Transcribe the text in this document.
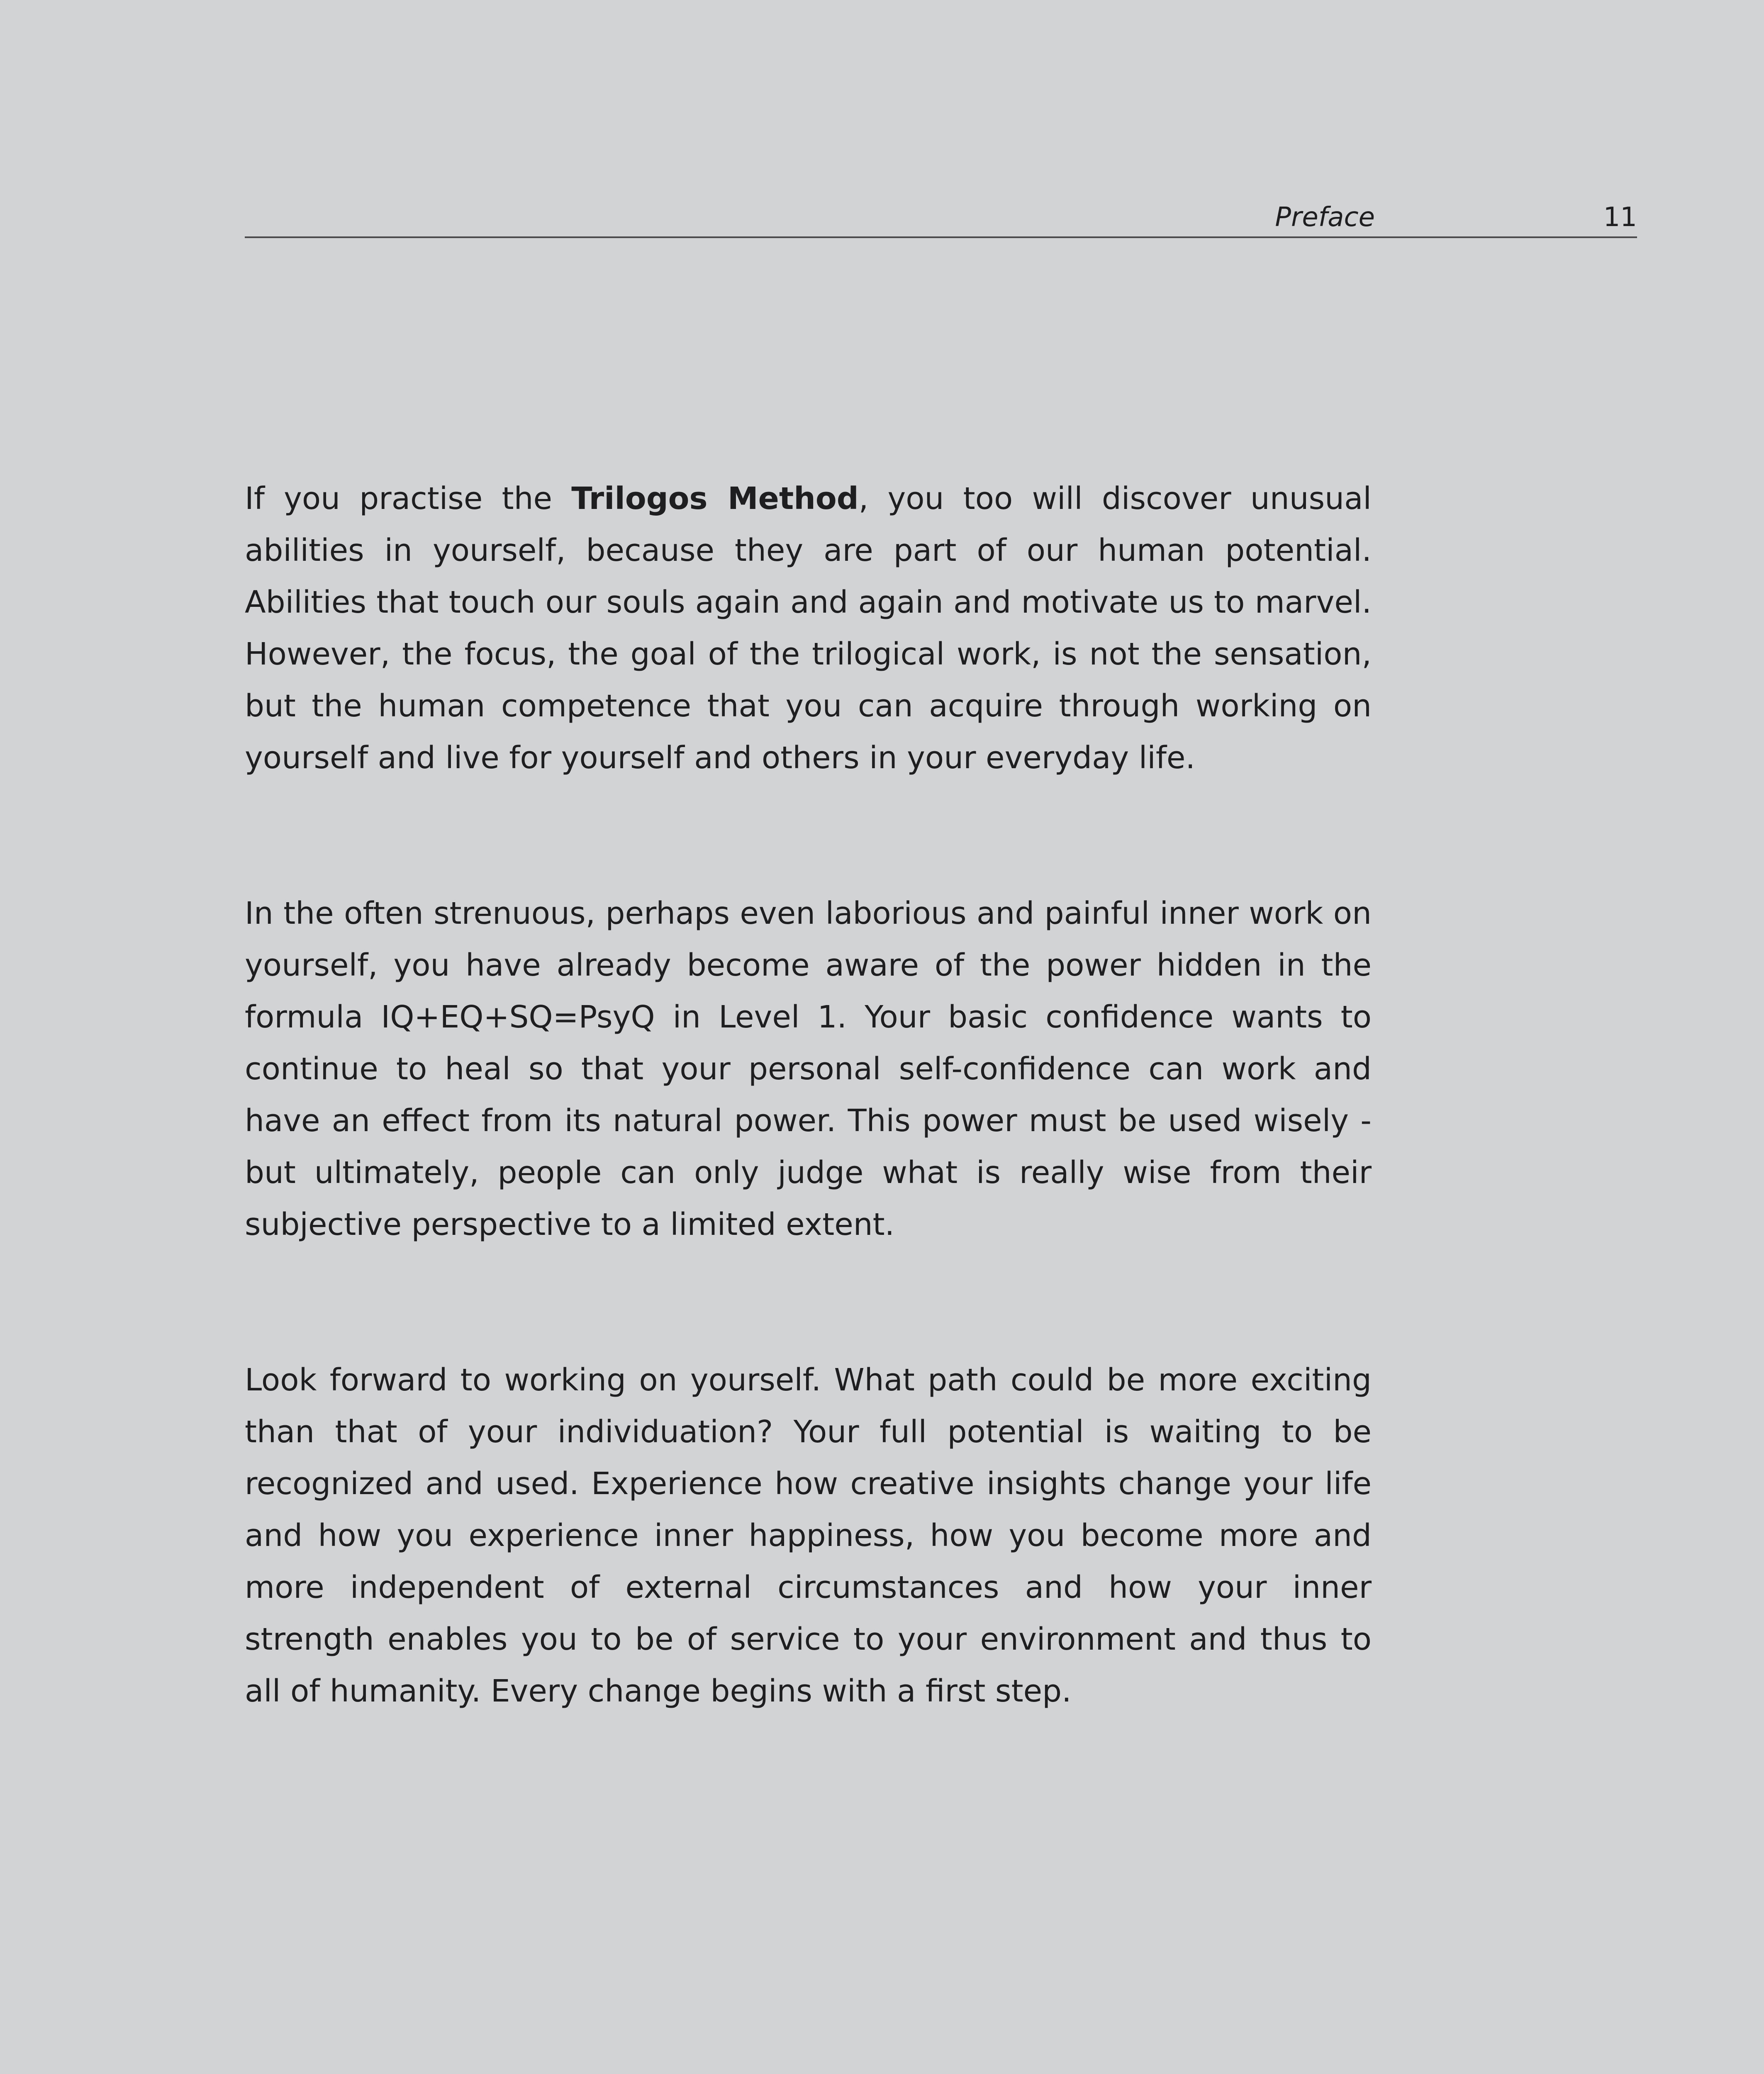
Preface	11

If you practise the Trilogos Method, you too will discover unusual abilities in yourself, because they are part of our human potential. Abilities that touch our souls again and again and motivate us to marvel. However, the focus, the goal of the trilogical work, is not the sensation, but the human competence that you can acquire through working on yourself and live for yourself and others in your everyday life.

In the often strenuous, perhaps even laborious and painful inner work on yourself, you have already become aware of the power hidden in the formula IQ+EQ+SQ=PsyQ in Level 1. Your basic confidence wants to continue to heal so that your personal self-confidence can work and have an effect from its natural power. This power must be used wisely - but ultimately, people can only judge what is really wise from their subjective perspective to a limited extent.

Look forward to working on yourself. What path could be more exciting than that of your individuation? Your full potential is waiting to be recognized and used. Experience how creative insights change your life and how you experience inner happiness, how you become more and more independent of external circumstances and how your inner strength enables you to be of service to your environment and thus to all of humanity. Every change begins with a first step.
